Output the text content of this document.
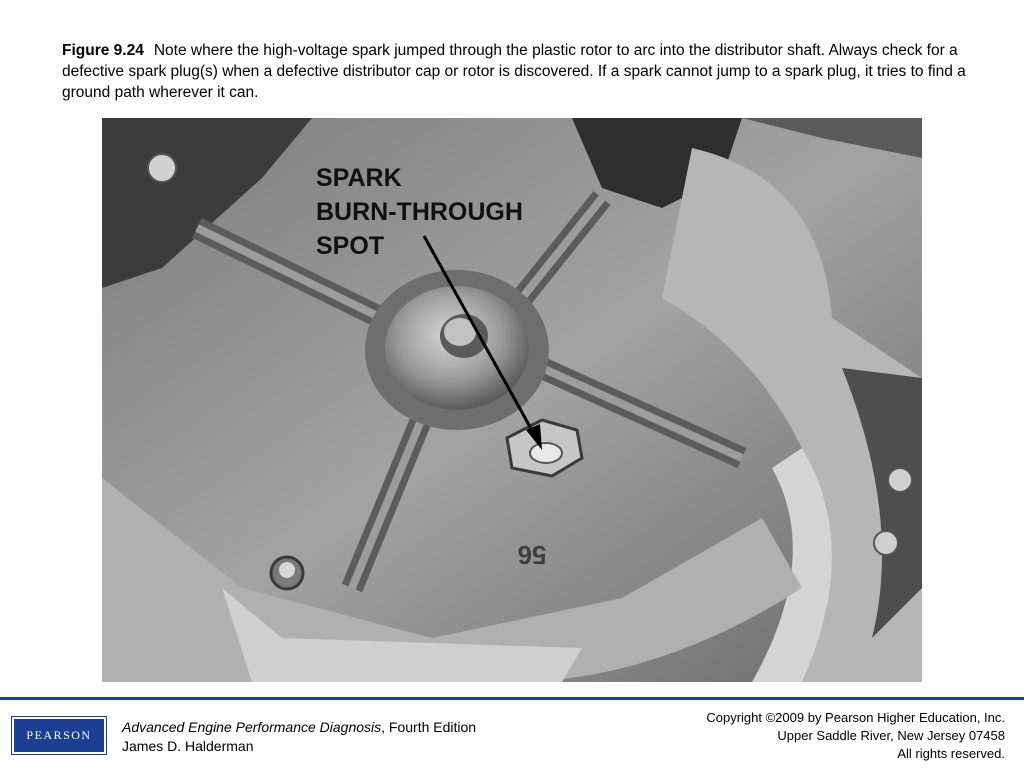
Figure 9.24 Note where the high-voltage spark jumped through the plastic rotor to arc into the distributor shaft. Always check for a defective spark plug(s) when a defective distributor cap or rotor is discovered. If a spark cannot jump to a spark plug, it tries to find a ground path wherever it can.
56
SPARK BURN-THROUGH SPOT
PEARSON	Advanced Engine Performance Diagnosis, Fourth Edition
James D. Halderman
Copyright ©2009 by Pearson Higher Education, Inc.
Upper Saddle River, New Jersey 07458
All rights reserved.
